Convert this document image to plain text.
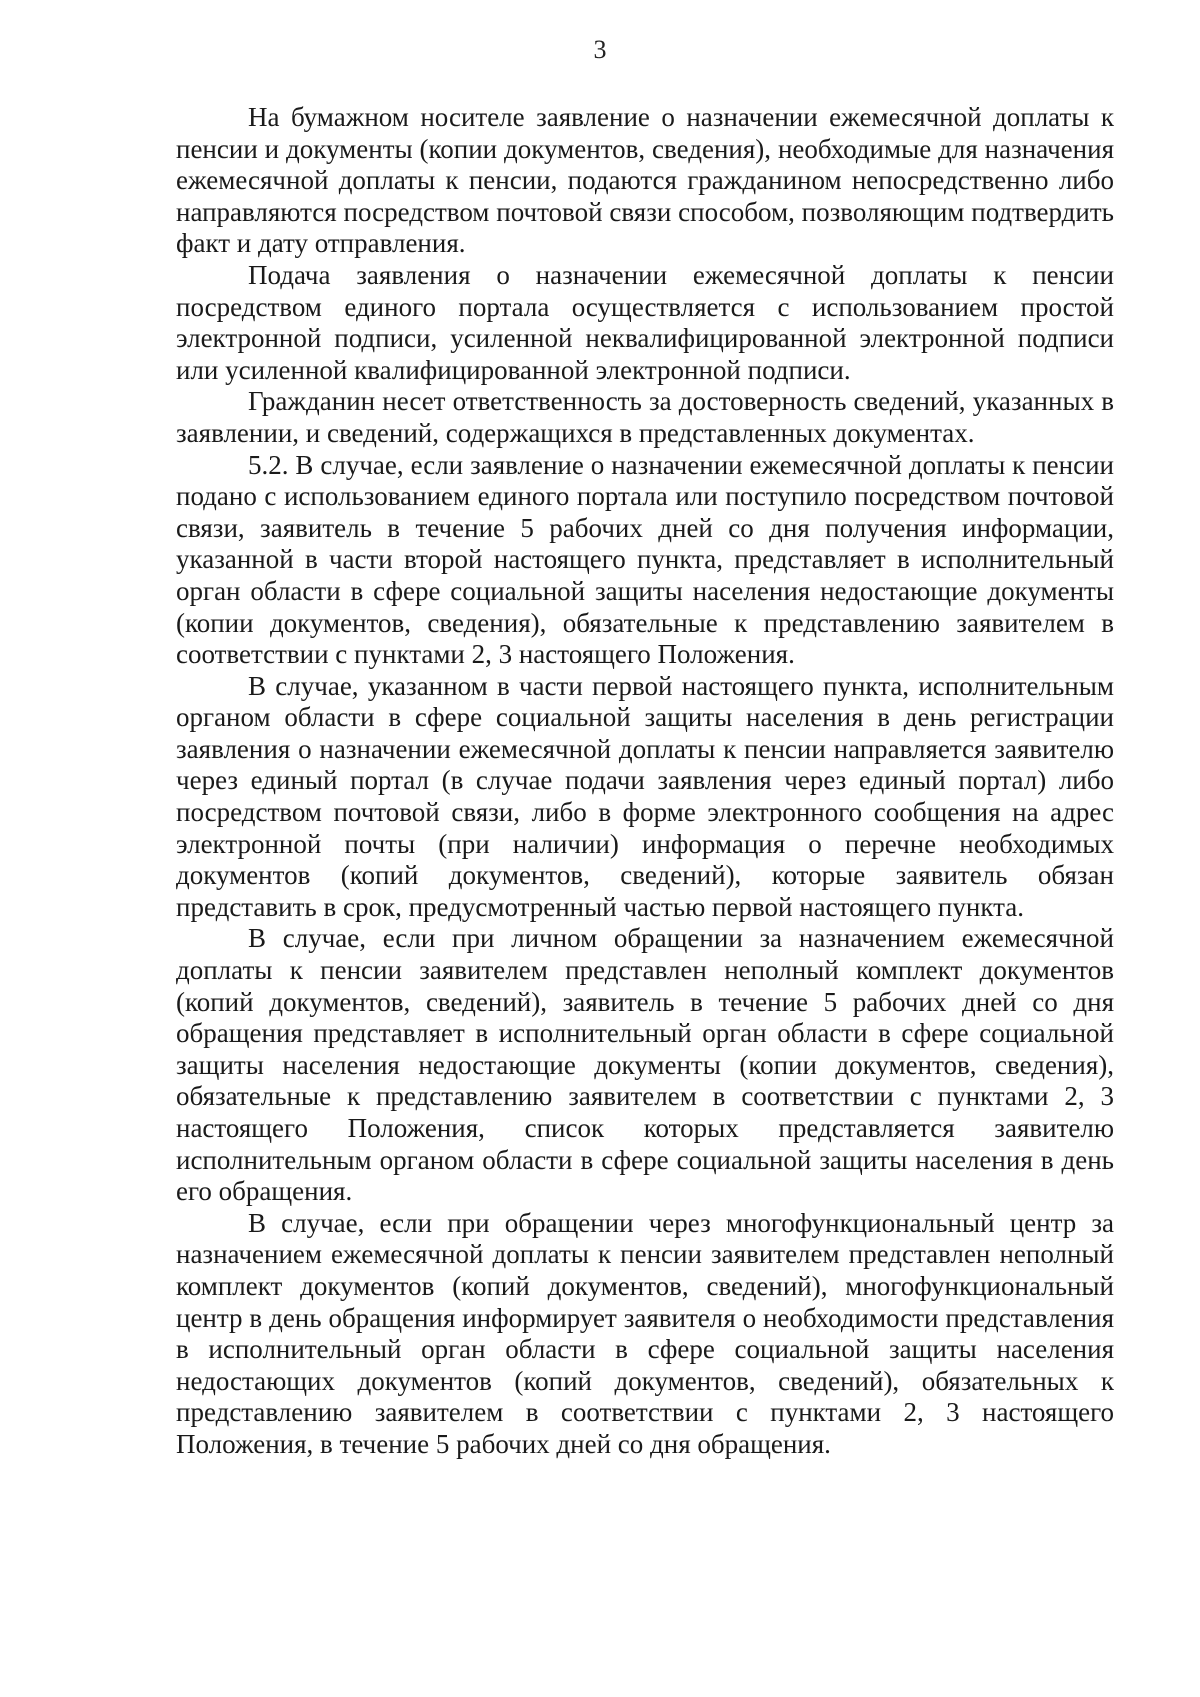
3

На бумажном носителе заявление о назначении ежемесячной доплаты к пенсии и документы (копии документов, сведения), необходимые для назначения ежемесячной доплаты к пенсии, подаются гражданином непосредственно либо направляются посредством почтовой связи способом, позволяющим подтвердить факт и дату отправления.

Подача заявления о назначении ежемесячной доплаты к пенсии посредством единого портала осуществляется с использованием простой электронной подписи, усиленной неквалифицированной электронной подписи или усиленной квалифицированной электронной подписи.

Гражданин несет ответственность за достоверность сведений, указанных в заявлении, и сведений, содержащихся в представленных документах.

5.2. В случае, если заявление о назначении ежемесячной доплаты к пенсии подано с использованием единого портала или поступило посредством почтовой связи, заявитель в течение 5 рабочих дней со дня получения информации, указанной в части второй настоящего пункта, представляет в исполнительный орган области в сфере социальной защиты населения недостающие документы (копии документов, сведения), обязательные к представлению заявителем в соответствии с пунктами 2, 3 настоящего Положения.

В случае, указанном в части первой настоящего пункта, исполнительным органом области в сфере социальной защиты населения в день регистрации заявления о назначении ежемесячной доплаты к пенсии направляется заявителю через единый портал (в случае подачи заявления через единый портал) либо посредством почтовой связи, либо в форме электронного сообщения на адрес электронной почты (при наличии) информация о перечне необходимых документов (копий документов, сведений), которые заявитель обязан представить в срок, предусмотренный частью первой настоящего пункта.

В случае, если при личном обращении за назначением ежемесячной доплаты к пенсии заявителем представлен неполный комплект документов (копий документов, сведений), заявитель в течение 5 рабочих дней со дня обращения представляет в исполнительный орган области в сфере социальной защиты населения недостающие документы (копии документов, сведения), обязательные к представлению заявителем в соответствии с пунктами 2, 3 настоящего Положения, список которых представляется заявителю исполнительным органом области в сфере социальной защиты населения в день его обращения.

В случае, если при обращении через многофункциональный центр за назначением ежемесячной доплаты к пенсии заявителем представлен неполный комплект документов (копий документов, сведений), многофункциональный центр в день обращения информирует заявителя о необходимости представления в исполнительный орган области в сфере социальной защиты населения недостающих документов (копий документов, сведений), обязательных к представлению заявителем в соответствии с пунктами 2, 3 настоящего Положения, в течение 5 рабочих дней со дня обращения.
